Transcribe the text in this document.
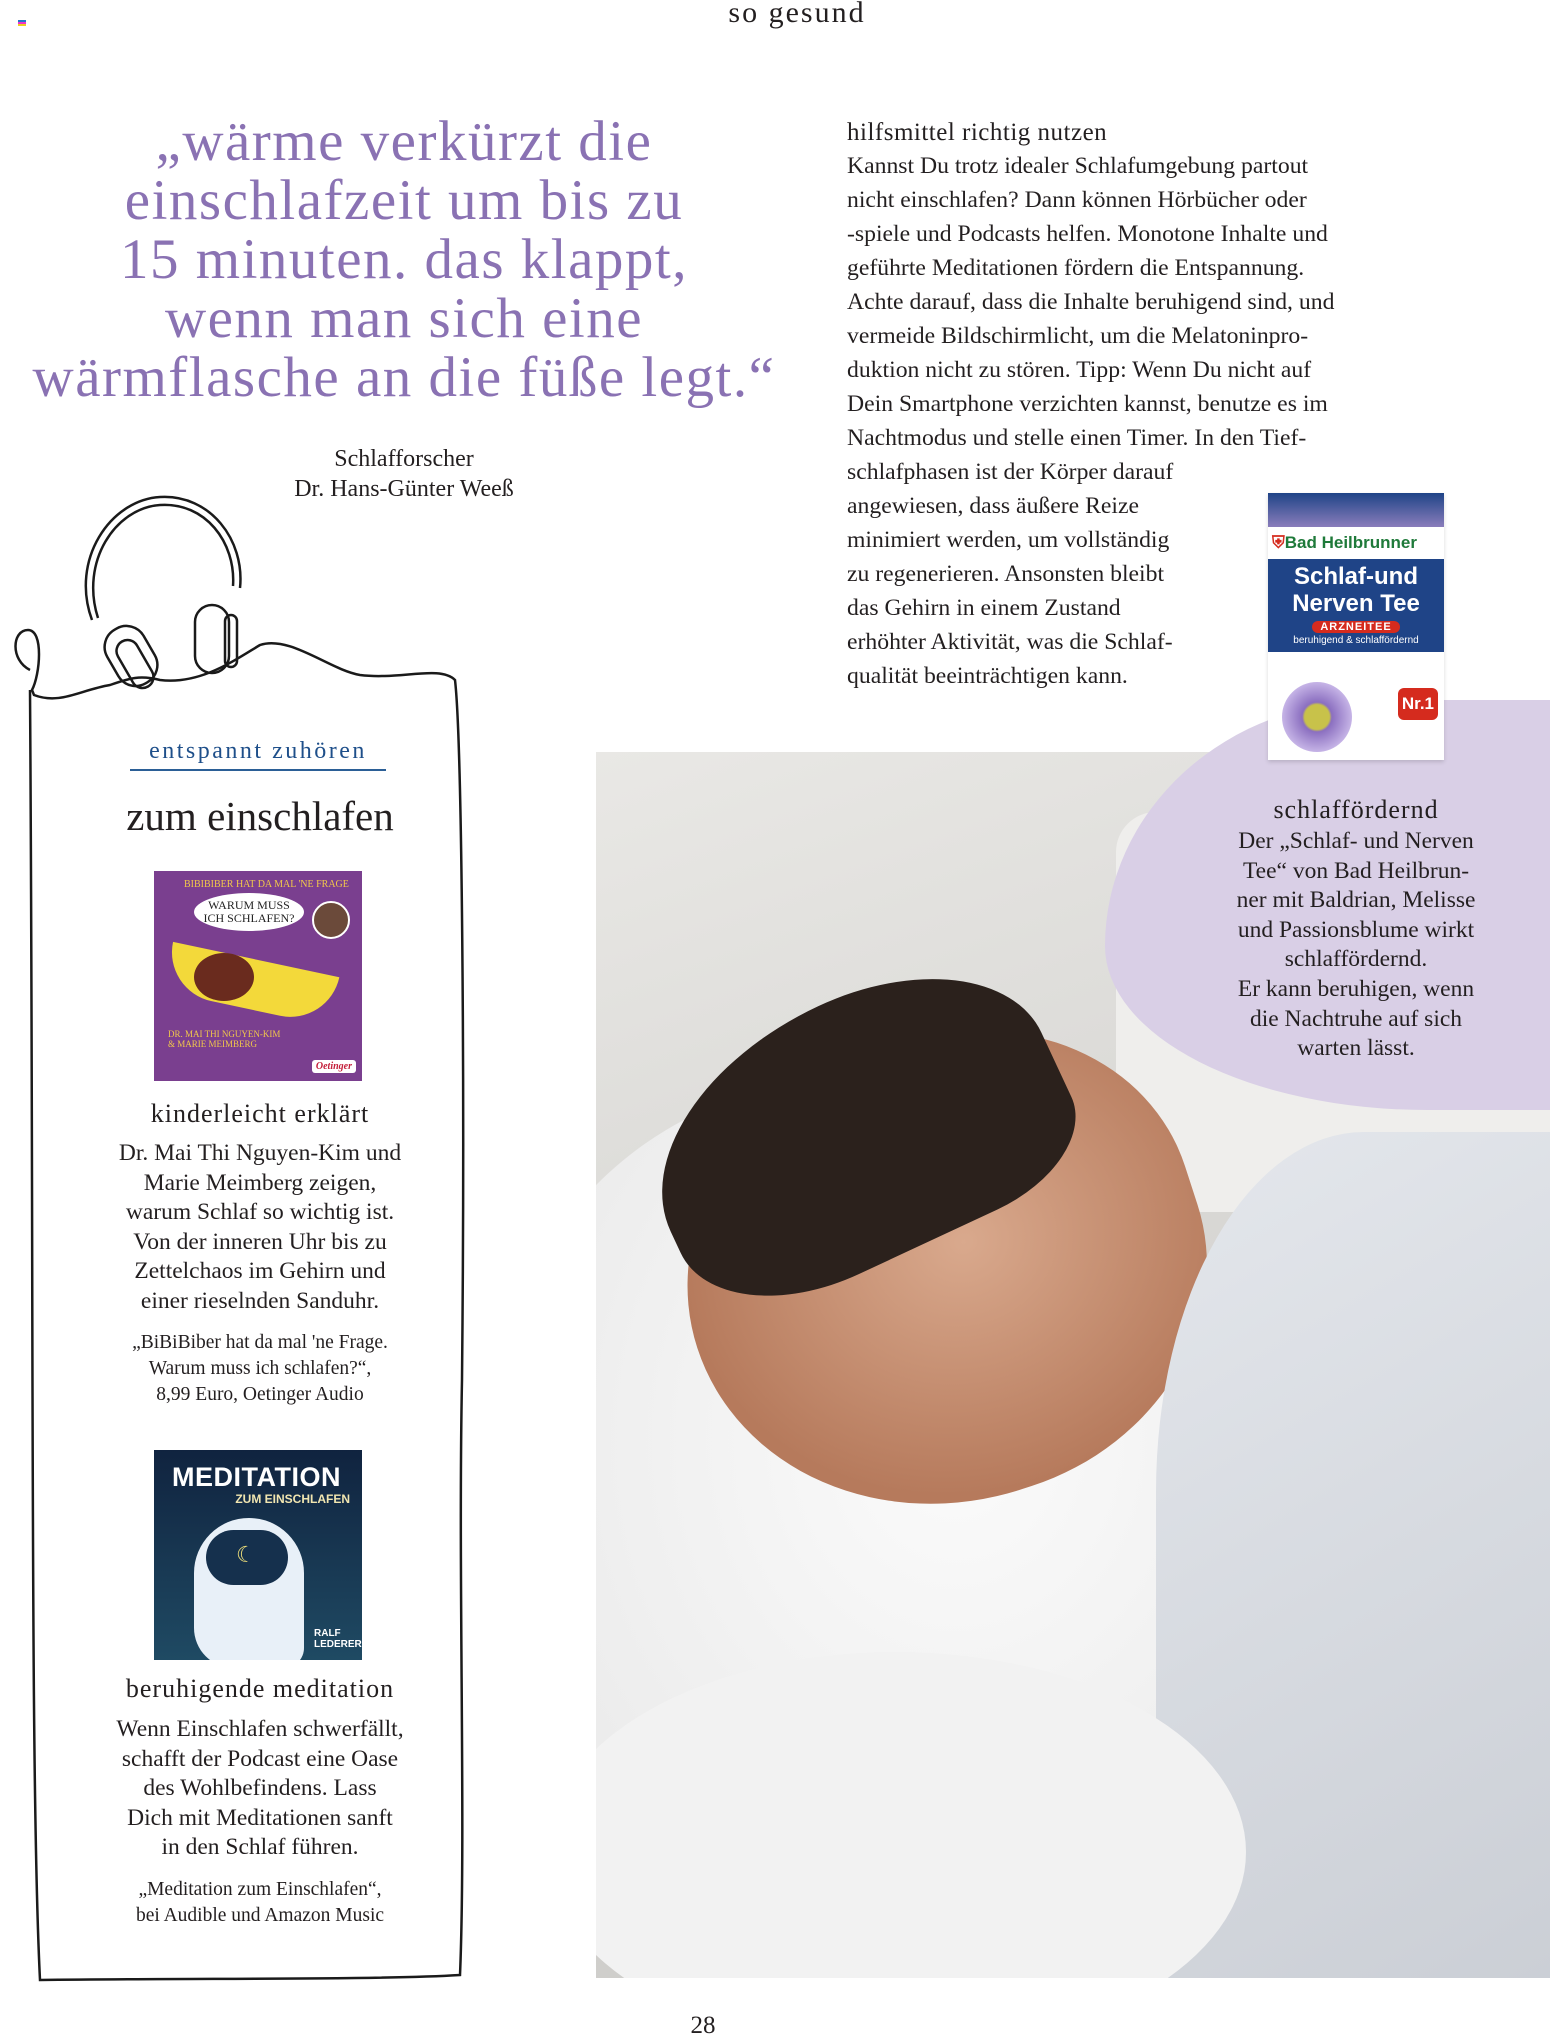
so gesund
„wärme verkürzt die
einschlafzeit um bis zu
15 minuten. das klappt,
wenn man sich eine
wärmflasche an die füße legt.“
Schlafforscher
Dr. Hans-Günter Weeß
entspannt zuhören
zum einschlafen
BIBIBIBER HAT DA MAL 'NE FRAGE
WARUM MUSS ICH SCHLAFEN?
DR. MAI THI NGUYEN-KIM & MARIE MEIMBERG
Oetinger
kinderleicht erklärt
Dr. Mai Thi Nguyen-Kim und
Marie Meimberg zeigen,
warum Schlaf so wichtig ist.
Von der inneren Uhr bis zu
Zettelchaos im Gehirn und
einer rieselnden Sanduhr.
„BiBiBiber hat da mal 'ne Frage.
Warum muss ich schlafen?“,
8,99 Euro, Oetinger Audio
MEDITATION
ZUM EINSCHLAFEN
☾
RALF LEDERER
beruhigende meditation
Wenn Einschlafen schwerfällt,
schafft der Podcast eine Oase
des Wohlbefindens. Lass
Dich mit Meditationen sanft
in den Schlaf führen.
„Meditation zum Einschlafen“,
bei Audible und Amazon Music
hilfsmittel richtig nutzen
Kannst Du trotz idealer Schlafumgebung partout
nicht einschlafen? Dann können Hörbücher oder
-spiele und Podcasts helfen. Monotone Inhalte und
geführte Meditationen fördern die Entspannung.
Achte darauf, dass die Inhalte beruhigend sind, und
vermeide Bildschirmlicht, um die Melatoninpro-
duktion nicht zu stören. Tipp: Wenn Du nicht auf
Dein Smartphone verzichten kannst, benutze es im
Nachtmodus und stelle einen Timer. In den Tief-
schlafphasen ist der Körper darauf
angewiesen, dass äußere Reize
minimiert werden, um vollständig
zu regenerieren. Ansonsten bleibt
das Gehirn in einem Zustand
erhöhter Aktivität, was die Schlaf-
qualität beeinträchtigen kann.
⛨Bad Heilbrunner
Schlaf-und
Nerven Tee
ARZNEITEE
beruhigend & schlaffördernd
Nr.1
schlaffördernd
Der „Schlaf- und Nerven
Tee“ von Bad Heilbrun-
ner mit Baldrian, Melisse
und Passionsblume wirkt
schlaffördernd.
Er kann beruhigen, wenn
die Nachtruhe auf sich
warten lässt.
28
